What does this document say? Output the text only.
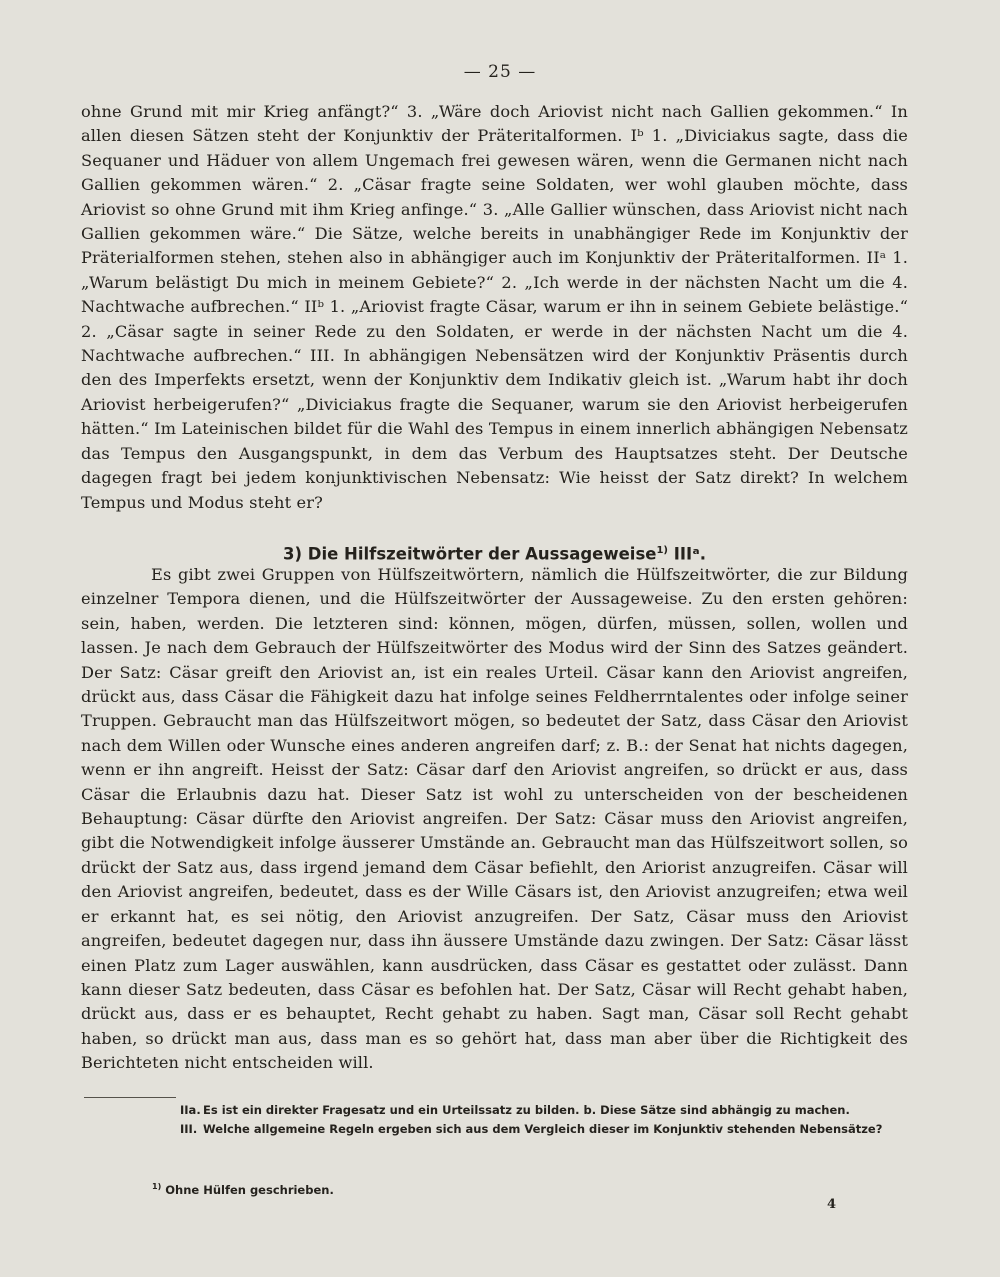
— 25 —

ohne Grund mit mir Krieg anfängt?“ 3. „Wäre doch Ariovist nicht nach Gallien gekommen.“ In allen diesen Sätzen steht der Konjunktiv der Präteritalformen. Iᵇ 1. „Diviciakus sagte, dass die Sequaner und Häduer von allem Ungemach frei gewesen wären, wenn die Germanen nicht nach Gallien gekommen wären.“ 2. „Cäsar fragte seine Soldaten, wer wohl glauben möchte, dass Ariovist so ohne Grund mit ihm Krieg anfinge.“ 3. „Alle Gallier wünschen, dass Ariovist nicht nach Gallien gekommen wäre.“ Die Sätze, welche bereits in unabhängiger Rede im Konjunktiv der Präterialformen stehen, stehen also in abhängiger auch im Konjunktiv der Präteritalformen. IIᵃ 1. „Warum belästigt Du mich in meinem Gebiete?“ 2. „Ich werde in der nächsten Nacht um die 4. Nachtwache aufbrechen.“ IIᵇ 1. „Ariovist fragte Cäsar, warum er ihn in seinem Gebiete belästige.“ 2. „Cäsar sagte in seiner Rede zu den Soldaten, er werde in der nächsten Nacht um die 4. Nachtwache aufbrechen.“ III. In abhängigen Nebensätzen wird der Konjunktiv Präsentis durch den des Imperfekts ersetzt, wenn der Konjunktiv dem Indikativ gleich ist. „Warum habt ihr doch Ariovist herbeigerufen?“ „Diviciakus fragte die Sequaner, warum sie den Ariovist herbeigerufen hätten.“ Im Lateinischen bildet für die Wahl des Tempus in einem innerlich abhängigen Nebensatz das Tempus den Ausgangspunkt, in dem das Verbum des Hauptsatzes steht. Der Deutsche dagegen fragt bei jedem konjunktivischen Nebensatz: Wie heisst der Satz direkt? In welchem Tempus und Modus steht er?

3) Die Hilfszeitwörter der Aussageweise$^{1)}$ IIIᵃ.
Es gibt zwei Gruppen von Hülfszeitwörtern, nämlich die Hülfszeitwörter, die zur Bildung einzelner Tempora dienen, und die Hülfszeitwörter der Aussageweise. Zu den ersten gehören: sein, haben, werden. Die letzteren sind: können, mögen, dürfen, müssen, sollen, wollen und lassen. Je nach dem Gebrauch der Hülfszeitwörter des Modus wird der Sinn des Satzes geändert. Der Satz: Cäsar greift den Ariovist an, ist ein reales Urteil. Cäsar kann den Ariovist angreifen, drückt aus, dass Cäsar die Fähigkeit dazu hat infolge seines Feldherrntalentes oder infolge seiner Truppen. Gebraucht man das Hülfszeitwort mögen, so bedeutet der Satz, dass Cäsar den Ariovist nach dem Willen oder Wunsche eines anderen angreifen darf; z. B.: der Senat hat nichts dagegen, wenn er ihn angreift. Heisst der Satz: Cäsar darf den Ariovist angreifen, so drückt er aus, dass Cäsar die Erlaubnis dazu hat. Dieser Satz ist wohl zu unterscheiden von der bescheidenen Behauptung: Cäsar dürfte den Ariovist angreifen. Der Satz: Cäsar muss den Ariovist angreifen, gibt die Notwendigkeit infolge äusserer Umstände an. Gebraucht man das Hülfszeitwort sollen, so drückt der Satz aus, dass irgend jemand dem Cäsar befiehlt, den Ariorist anzugreifen. Cäsar will den Ariovist angreifen, bedeutet, dass es der Wille Cäsars ist, den Ariovist anzugreifen; etwa weil er erkannt hat, es sei nötig, den Ariovist anzugreifen. Der Satz, Cäsar muss den Ariovist angreifen, bedeutet dagegen nur, dass ihn äussere Umstände dazu zwingen. Der Satz: Cäsar lässt einen Platz zum Lager auswählen, kann ausdrücken, dass Cäsar es gestattet oder zulässt. Dann kann dieser Satz bedeuten, dass Cäsar es befohlen hat. Der Satz, Cäsar will Recht gehabt haben, drückt aus, dass er es behauptet, Recht gehabt zu haben. Sagt man, Cäsar soll Recht gehabt haben, so drückt man aus, dass man es so gehört hat, dass man aber über die Richtigkeit des Berichteten nicht entscheiden will.
IIa. Es ist ein direkter Fragesatz und ein Urteilssatz zu bilden. b. Diese Sätze sind abhängig zu machen.
III. Welche allgemeine Regeln ergeben sich aus dem Vergleich dieser im Konjunktiv stehenden Nebensätze?
$^{1)}$ Ohne Hülfen geschrieben.
4
